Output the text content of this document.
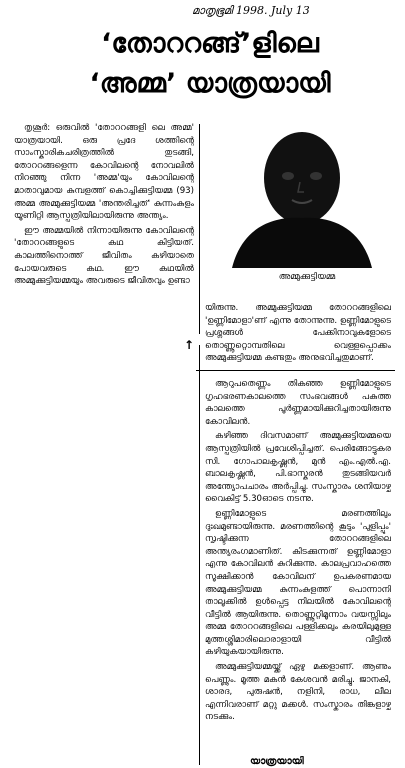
മാതൃഭൂമി 1998. July 13
‘തോററങ്ങ്’ളിലെ
‘അമ്മ’ യാത്രയായി

തൃശൂർ: ഒരുവിൽ 'തോററങ്ങളി ലെ അമ്മ' യാത്രയായി. ഒരു പ്രദേ ശത്തിന്റെ സാംസ്കാരികചരിത്രത്തിൽ തുടങ്ങി, തോററങ്ങളെന്ന കോവിലന്റെ നോവലിൽ നിറഞ്ഞു നിന്ന 'അമ്മ'യും കോവിലന്റെ മാതാവുമായ കുമ്പളത്ത് കൊച്ചിക്കുട്ടിയമ്മ (93) അമ്മ അമ്മുക്കുട്ടിയമ്മ 'അന്തരിച്ചത്' കുന്നംകുളം യൂണിറ്റി ആസ്പത്രിയിലായിരുന്നു അന്ത്യം.

ഈ അമ്മയിൽ നിന്നായിരുന്നു കോവിലന്റെ 'തോററങ്ങളുടെ കഥ കിട്ടിയത്. കാലത്തിനൊത്ത് ജീവിതം കഴിയാതെ പോയവരുടെ കഥ. ഈ കഥയിൽ അമ്മുക്കുട്ടിയമ്മയും അവരുടെ ജീവിതവും ഉണ്ടാ	അമ്മുക്കുട്ടിയമ്മ

യിരുന്നു. അമ്മുക്കുട്ടിയമ്മ തോററങ്ങളിലെ 'ഉണ്ണിമോളാ'ണ് എന്നു തോന്നുന്നു. ഉണ്ണിമോളുടെ പ്രശ്നങ്ങൾ പേക്കിനാവുകളോടെ തൊണ്ണൂറ്റൊമ്പതിലെ വെള്ളപ്പൊക്കം അമ്മുക്കുട്ടിയമ്മ കണ്ടതും അനുഭവിച്ചതുമാണ്.

↑

ആറുപതെണ്ണം തികഞ്ഞ ഉണ്ണിമോളുടെ ഗൃഹഭരണകാലത്തെ സംഭവങ്ങൾ പകുത്ത കാലത്തെ പൂർണ്ണമായിക്കുറിച്ചതായിരുന്നു കോവിലൻ.

കഴിഞ്ഞ ദിവസമാണ് അമ്മുക്കുട്ടിയമ്മയെ ആസ്പത്രിയിൽ പ്രവേശിപ്പിച്ചത്. പെരിങ്ങോട്ടുകര സി. ഗോപാലകൃഷ്ണൻ, മുൻ എം.എൽ.എ. ബാലകൃഷ്ണൻ, പി.ഭാസ്കരൻ തുടങ്ങിയവർ അന്ത്യോപചാരം അർപ്പിച്ചു. സംസ്കാരം ശനിയാഴ്ച വൈകിട്ട് 5.30ഓടെ നടന്നു.

ഉണ്ണിമോളുടെ മരണത്തിലും ദുഃഖമുണ്ടായിരുന്നു. മരണത്തിന്റെ കൂടും 'പുളിപ്പും' സൃഷ്ടിക്കുന്ന തോററങ്ങളിലെ അന്ത്യരംഗമാണിത്. കിടക്കുന്നത് ഉണ്ണിമോളാ എന്നു കോവിലൻ കുറിക്കുന്നു. കാലപ്രവാഹത്തെ സൂക്ഷിക്കാൻ കോവിലന് ഉപകരണമായ അമ്മുക്കുട്ടിയമ്മ കുന്നംകുളത്ത് പൊന്നാനി താലൂക്കിൽ ഉൾപ്പെട്ട നിലയിൽ കോവിലന്റെ വീട്ടിൽ ആയിരുന്നു. തൊണ്ണൂറ്റിമൂന്നാം വയസ്സിലും അമ്മ തോററങ്ങളിലെ പള്ളിക്കലും കരയിലുമുള്ള മുത്തശ്ശിമാരിലൊരാളായി വീട്ടിൽ കഴിയുകയായിരുന്നു.

അമ്മുക്കുട്ടിയമ്മയ്ക്ക് ഏഴു മക്കളാണ്. ആണും പെണ്ണും. മൂത്ത മകൻ കേശവൻ മരിച്ചു. ജാനകി, ശാരദ, പുരുഷൻ, നളിനി, രാധ, ലീല എന്നിവരാണ് മറ്റു മക്കൾ. സംസ്കാരം തിങ്കളാഴ്ച നടക്കും.

യാത്രയായി
